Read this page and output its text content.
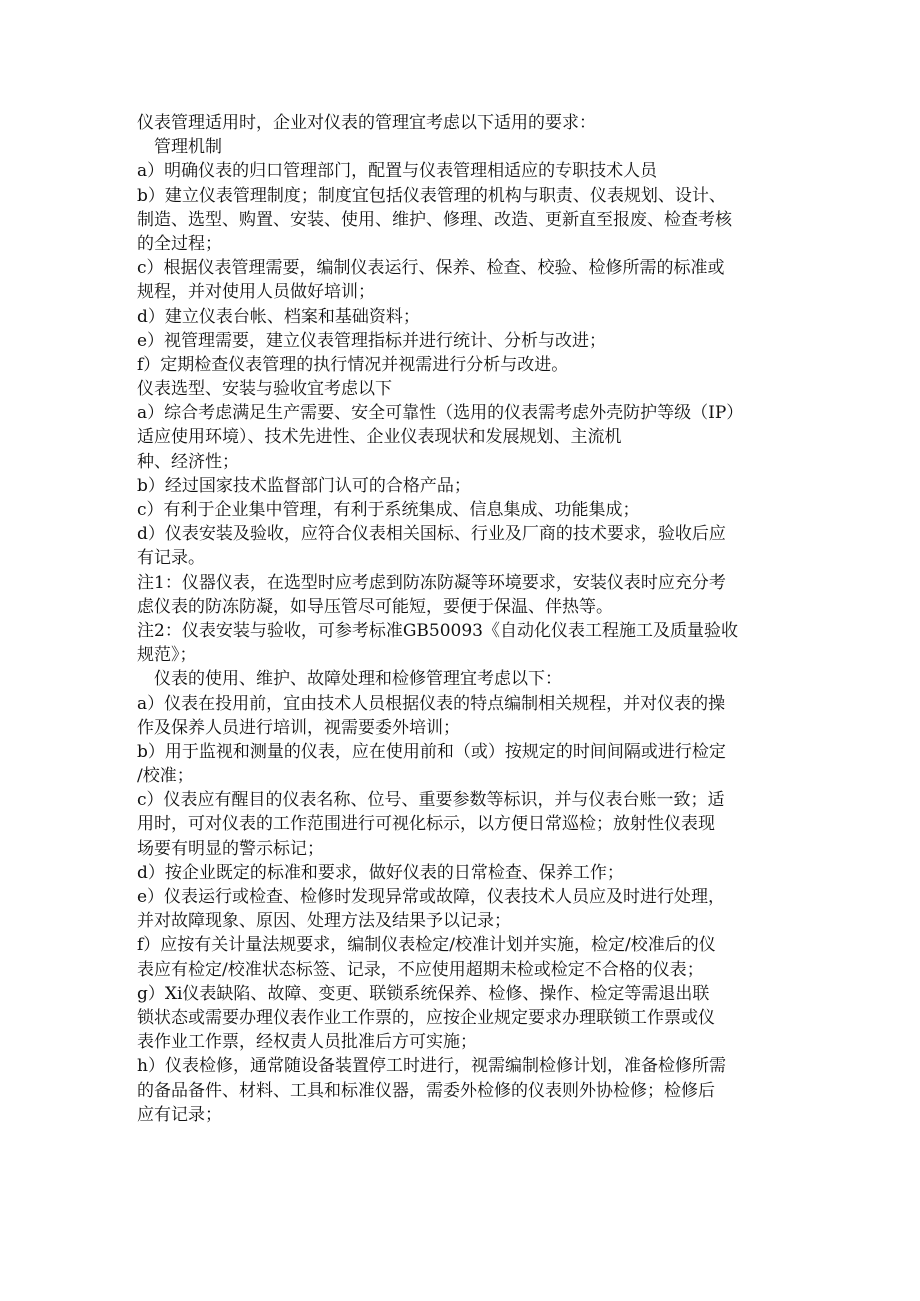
仪表管理适用时，企业对仪表的管理宜考虑以下适用的要求：
管理机制
a）明确仪表的归口管理部门，配置与仪表管理相适应的专职技术人员
b）建立仪表管理制度；制度宜包括仪表管理的机构与职责、仪表规划、设计、
制造、选型、购置、安装、使用、维护、修理、改造、更新直至报废、检查考核
的全过程；
c）根据仪表管理需要，编制仪表运行、保养、检查、校验、检修所需的标准或
规程，并对使用人员做好培训；
d）建立仪表台帐、档案和基础资料；
e）视管理需要，建立仪表管理指标并进行统计、分析与改进；
f）定期检查仪表管理的执行情况并视需进行分析与改进。
仪表选型、安装与验收宜考虑以下
a）综合考虑满足生产需要、安全可靠性（选用的仪表需考虑外壳防护等级（IP）
适应使用环境）、技术先进性、企业仪表现状和发展规划、主流机
种、经济性；
b）经过国家技术监督部门认可的合格产品；
c）有利于企业集中管理，有利于系统集成、信息集成、功能集成；
d）仪表安装及验收，应符合仪表相关国标、行业及厂商的技术要求，验收后应
有记录。
注1：仪器仪表，在选型时应考虑到防冻防凝等环境要求，安装仪表时应充分考
虑仪表的防冻防凝，如导压管尽可能短，要便于保温、伴热等。
注2：仪表安装与验收，可参考标准GB50093《自动化仪表工程施工及质量验收
规范》；
仪表的使用、维护、故障处理和检修管理宜考虑以下：
a）仪表在投用前，宜由技术人员根据仪表的特点编制相关规程，并对仪表的操
作及保养人员进行培训，视需要委外培训；
b）用于监视和测量的仪表，应在使用前和（或）按规定的时间间隔或进行检定
/校准；
c）仪表应有醒目的仪表名称、位号、重要参数等标识，并与仪表台账一致；适
用时，可对仪表的工作范围进行可视化标示，以方便日常巡检；放射性仪表现
场要有明显的警示标记；
d）按企业既定的标准和要求，做好仪表的日常检查、保养工作；
e）仪表运行或检查、检修时发现异常或故障，仪表技术人员应及时进行处理，
并对故障现象、原因、处理方法及结果予以记录；
f）应按有关计量法规要求，编制仪表检定/校准计划并实施，检定/校准后的仪
表应有检定/校准状态标签、记录，不应使用超期未检或检定不合格的仪表；
g）Xi仪表缺陷、故障、变更、联锁系统保养、检修、操作、检定等需退出联
锁状态或需要办理仪表作业工作票的，应按企业规定要求办理联锁工作票或仪
表作业工作票，经权责人员批准后方可实施；
h）仪表检修，通常随设备装置停工时进行，视需编制检修计划，准备检修所需
的备品备件、材料、工具和标准仪器，需委外检修的仪表则外协检修；检修后
应有记录；
